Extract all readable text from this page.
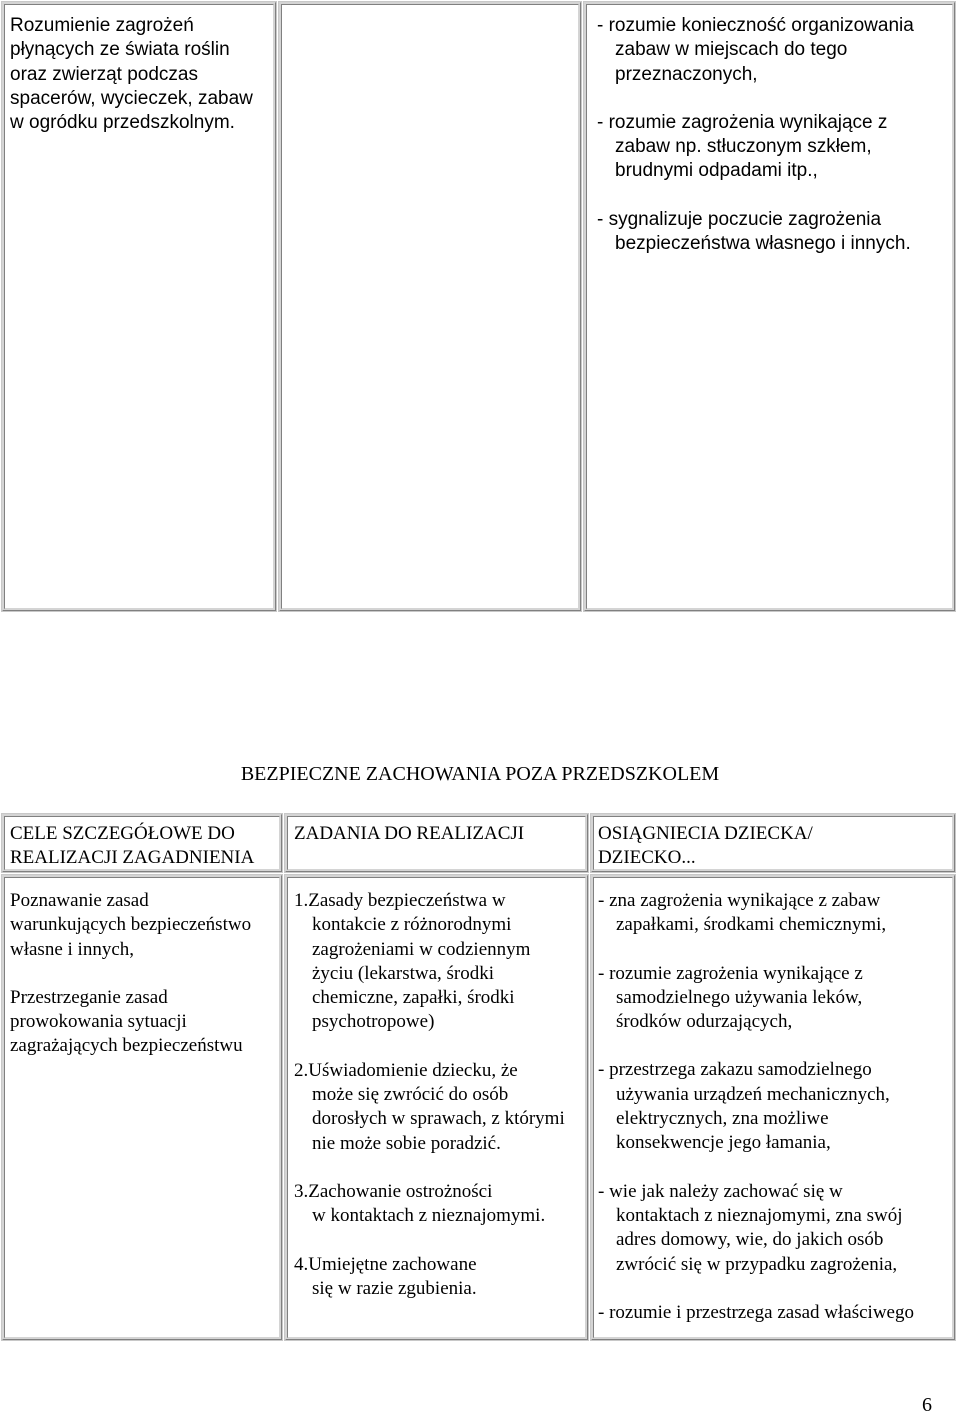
Rozumienie zagrożeń
płynących ze świata roślin
oraz zwierząt podczas
spacerów, wycieczek, zabaw
w ogródku przedszkolnym.
- rozumie konieczność organizowania
zabaw w miejscach do tego
przeznaczonych,
- rozumie zagrożenia wynikające z
zabaw np. stłuczonym szkłem,
brudnymi odpadami itp.,
- sygnalizuje poczucie zagrożenia
bezpieczeństwa własnego i innych.
BEZPIECZNE ZACHOWANIA POZA PRZEDSZKOLEM
CELE SZCZEGÓŁOWE DO
REALIZACJI ZAGADNIENIA
ZADANIA DO REALIZACJI	OSIĄGNIECIA DZIECKA/
DZIECKO...
Poznawanie zasad
warunkujących bezpieczeństwo
własne i innych,
Przestrzeganie zasad
prowokowania sytuacji
zagrażających bezpieczeństwu
1.Zasady bezpieczeństwa w
kontakcie z różnorodnymi
zagrożeniami w codziennym
życiu (lekarstwa, środki
chemiczne, zapałki, środki
psychotropowe)
2.Uświadomienie dziecku, że
może się zwrócić do osób
dorosłych w sprawach, z którymi
nie może sobie poradzić.
3.Zachowanie ostrożności
w kontaktach z nieznajomymi.
4.Umiejętne zachowane
się w razie zgubienia.
- zna zagrożenia wynikające z zabaw
zapałkami, środkami chemicznymi,
- rozumie zagrożenia wynikające z
samodzielnego używania leków,
środków odurzających,
- przestrzega zakazu samodzielnego
używania urządzeń mechanicznych,
elektrycznych, zna możliwe
konsekwencje jego łamania,
- wie jak należy zachować się w
kontaktach z nieznajomymi, zna swój
adres domowy, wie, do jakich osób
zwrócić się w przypadku zagrożenia,
- rozumie i przestrzega zasad właściwego
6
